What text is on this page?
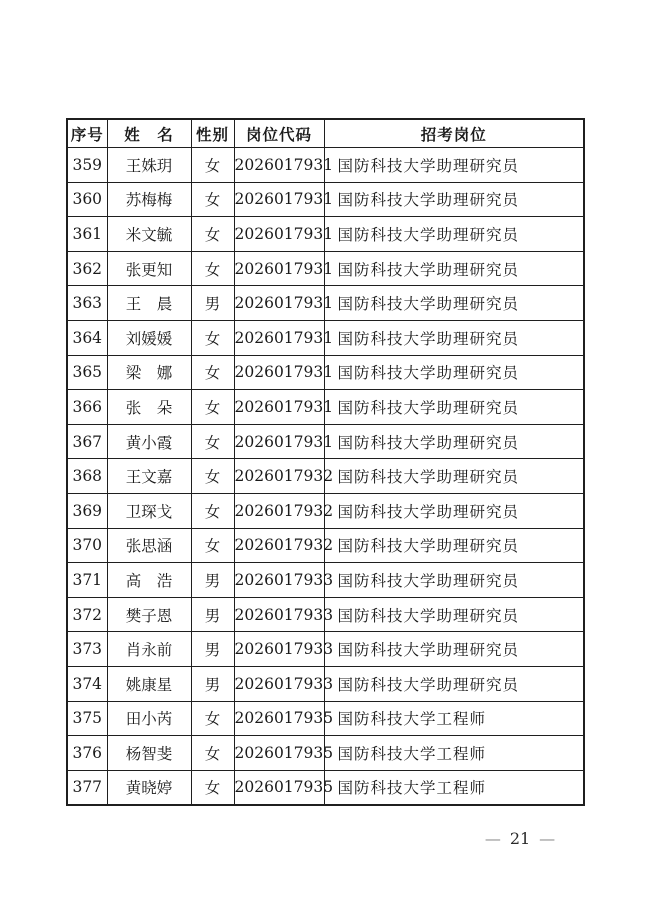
序号	姓　名	性别	岗位代码	招考岗位
359	王姝玥	女	2026017931	国防科技大学助理研究员
360	苏梅梅	女	2026017931	国防科技大学助理研究员
361	米文毓	女	2026017931	国防科技大学助理研究员
362	张更知	女	2026017931	国防科技大学助理研究员
363	王　晨	男	2026017931	国防科技大学助理研究员
364	刘媛媛	女	2026017931	国防科技大学助理研究员
365	梁　娜	女	2026017931	国防科技大学助理研究员
366	张　朵	女	2026017931	国防科技大学助理研究员
367	黄小霞	女	2026017931	国防科技大学助理研究员
368	王文嘉	女	2026017932	国防科技大学助理研究员
369	卫琛戈	女	2026017932	国防科技大学助理研究员
370	张思涵	女	2026017932	国防科技大学助理研究员
371	高　浩	男	2026017933	国防科技大学助理研究员
372	樊子恩	男	2026017933	国防科技大学助理研究员
373	肖永前	男	2026017933	国防科技大学助理研究员
374	姚康星	男	2026017933	国防科技大学助理研究员
375	田小芮	女	2026017935	国防科技大学工程师
376	杨智斐	女	2026017935	国防科技大学工程师
377	黄晓婷	女	2026017935	国防科技大学工程师
— 21 —
